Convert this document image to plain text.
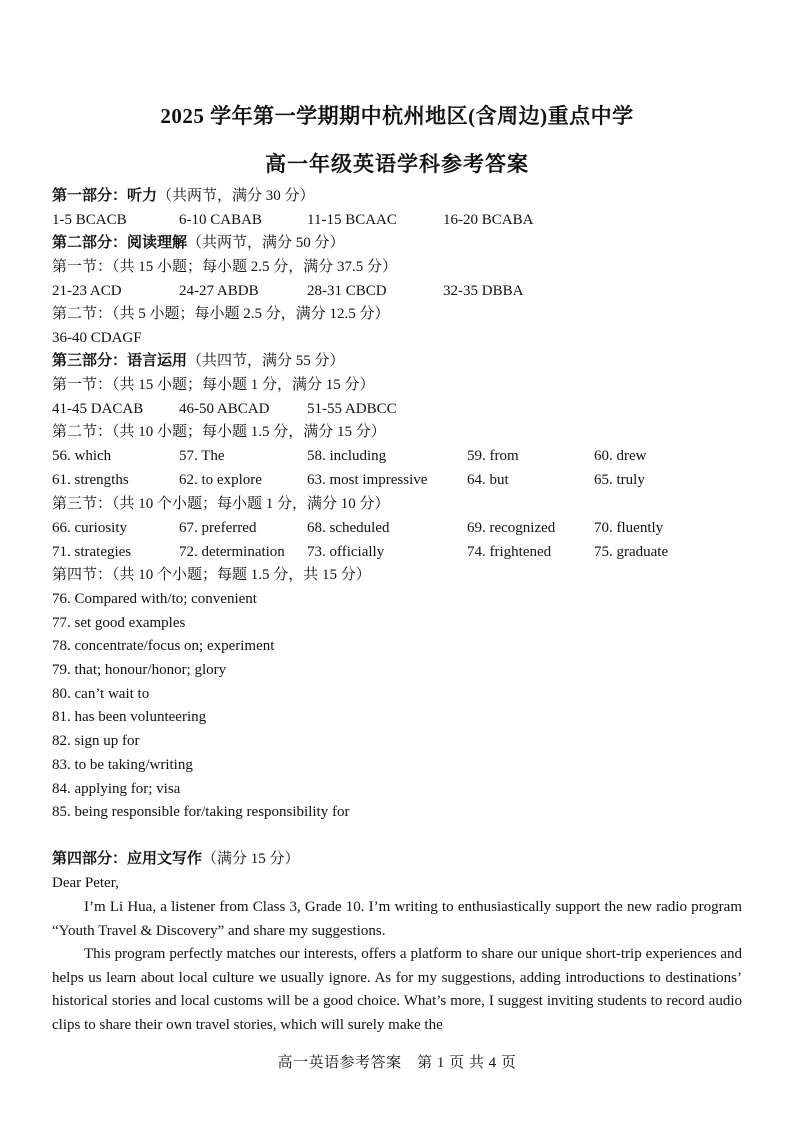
2025 学年第一学期期中杭州地区(含周边)重点中学
高一年级英语学科参考答案
第一部分：听力（共两节，满分 30 分）
1-5 BCACB	6-10 CABAB	11-15 BCAAC	16-20 BCABA
第二部分：阅读理解（共两节，满分 50 分）
第一节：（共 15 小题；每小题 2.5 分，满分 37.5 分）
21-23 ACD	24-27 ABDB	28-31 CBCD	32-35 DBBA
第二节：（共 5 小题；每小题 2.5 分，满分 12.5 分）
36-40 CDAGF
第三部分：语言运用（共四节，满分 55 分）
第一节：（共 15 小题；每小题 1 分，满分 15 分）
41-45 DACAB 46-50 ABCAD	51-55 ADBCC
第二节：（共 10 小题；每小题 1.5 分，满分 15 分）
56. which	57. The	58. including	59. from	60. drew
61. strengths	62. to explore	63. most impressive	64. but	65. truly
第三节：（共 10 个小题；每小题 1 分，满分 10 分）
66. curiosity	67. preferred	68. scheduled	69. recognized	70. fluently
71. strategies	72. determination 73. officially	74. frightened	75. graduate
第四节：（共 10 个小题；每题 1.5 分，共 15 分）
76. Compared with/to; convenient
77. set good examples
78. concentrate/focus on; experiment
79. that; honour/honor; glory
80. can’t wait to
81. has been volunteering
82. sign up for
83. to be taking/writing
84. applying for; visa
85. being responsible for/taking responsibility for
第四部分：应用文写作（满分 15 分）
Dear Peter,
I’m Li Hua, a listener from Class 3, Grade 10. I’m writing to enthusiastically support the new radio program “Youth Travel & Discovery” and share my suggestions.
This program perfectly matches our interests, offers a platform to share our unique short-trip experiences and helps us learn about local culture we usually ignore. As for my suggestions, adding introductions to destinations’ historical stories and local customs will be a good choice. What’s more, I suggest inviting students to record audio clips to share their own travel stories, which will surely make the
高一英语参考答案　第 1 页 共 4 页
